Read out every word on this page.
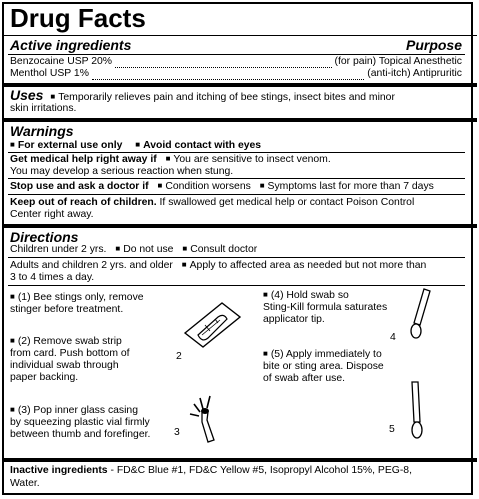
Drug Facts
Active ingredients	Purpose
Benzocaine USP 20%	(for pain) Topical Anesthetic
Menthol USP 1%	(anti-itch) Antipruritic
Uses ■ Temporarily relieves pain and itching of bee stings, insect bites and minor
skin irritations.
Warnings
■ For external use only ■ Avoid contact with eyes
Get medical help right away if ■ You are sensitive to insect venom.
You may develop a serious reaction when stung.
Stop use and ask a doctor if ■ Condition worsens ■ Symptoms last for more than 7 days
Keep out of reach of children. If swallowed get medical help or contact Poison Control
Center right away.
Directions
Children under 2 yrs. ■ Do not use ■ Consult doctor
Adults and children 2 yrs. and older ■ Apply to affected area as needed but not more than
3 to 4 times a day.
■ (1) Bee stings only, remove
stinger before treatment.
■ (2) Remove swab strip
from card. Push bottom of
individual swab through
paper backing.
■ (3) Pop inner glass casing
by squeezing plastic vial firmly
between thumb and forefinger.
■ (4) Hold swab so
Sting-Kill formula saturates
applicator tip.
■ (5) Apply immediately to
bite or sting area. Dispose
of swab after use.
2
3
4
5
Inactive ingredients - FD&C Blue #1, FD&C Yellow #5, Isopropyl Alcohol 15%, PEG-8,
Water.
